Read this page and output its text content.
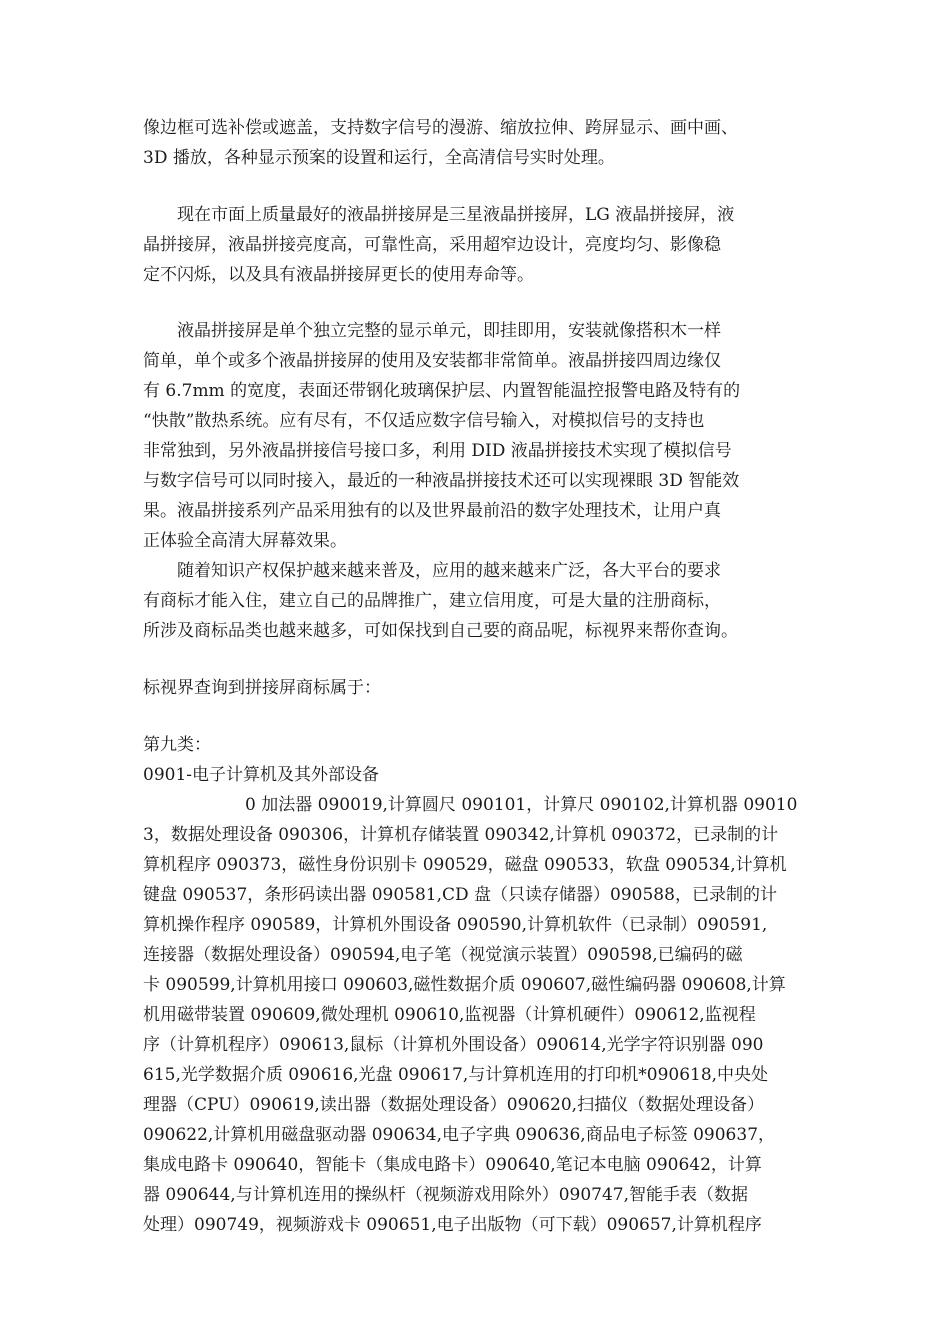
像边框可选补偿或遮盖，支持数字信号的漫游、缩放拉伸、跨屏显示、画中画、
3D 播放，各种显示预案的设置和运行，全高清信号实时处理。
　　现在市面上质量最好的液晶拼接屏是三星液晶拼接屏，LG 液晶拼接屏，液
晶拼接屏，液晶拼接亮度高，可靠性高，采用超窄边设计，亮度均匀、影像稳
定不闪烁，以及具有液晶拼接屏更长的使用寿命等。
　　液晶拼接屏是单个独立完整的显示单元，即挂即用，安装就像搭积木一样
简单，单个或多个液晶拼接屏的使用及安装都非常简单。液晶拼接四周边缘仅
有 6.7mm 的宽度，表面还带钢化玻璃保护层、内置智能温控报警电路及特有的
“快散”散热系统。应有尽有，不仅适应数字信号输入，对模拟信号的支持也
非常独到，另外液晶拼接信号接口多，利用 DID 液晶拼接技术实现了模拟信号
与数字信号可以同时接入，最近的一种液晶拼接技术还可以实现裸眼 3D 智能效
果。液晶拼接系列产品采用独有的以及世界最前沿的数字处理技术，让用户真
正体验全高清大屏幕效果。
　　随着知识产权保护越来越来普及，应用的越来越来广泛，各大平台的要求
有商标才能入住，建立自己的品牌推广，建立信用度，可是大量的注册商标，
所涉及商标品类也越来越多，可如保找到自己要的商品呢，标视界来帮你查询。
标视界查询到拼接屏商标属于：
第九类：
0901-电子计算机及其外部设备
　　　　　　0 加法器 090019,计算圆尺 090101，计算尺 090102,计算机器 09010
3，数据处理设备 090306，计算机存储装置 090342,计算机 090372，已录制的计
算机程序 090373，磁性身份识别卡 090529，磁盘 090533，软盘 090534,计算机
键盘 090537，条形码读出器 090581,CD 盘（只读存储器）090588，已录制的计
算机操作程序 090589，计算机外围设备 090590,计算机软件（已录制）090591,
连接器（数据处理设备）090594,电子笔（视觉演示装置）090598,已编码的磁
卡 090599,计算机用接口 090603,磁性数据介质 090607,磁性编码器 090608,计算
机用磁带装置 090609,微处理机 090610,监视器（计算机硬件）090612,监视程
序（计算机程序）090613,鼠标（计算机外围设备）090614,光学字符识别器 090
615,光学数据介质 090616,光盘 090617,与计算机连用的打印机*090618,中央处
理器（CPU）090619,读出器（数据处理设备）090620,扫描仪（数据处理设备）
090622,计算机用磁盘驱动器 090634,电子字典 090636,商品电子标签 090637，
集成电路卡 090640，智能卡（集成电路卡）090640,笔记本电脑 090642，计算
器 090644,与计算机连用的操纵杆（视频游戏用除外）090747,智能手表（数据
处理）090749，视频游戏卡 090651,电子出版物（可下载）090657,计算机程序
